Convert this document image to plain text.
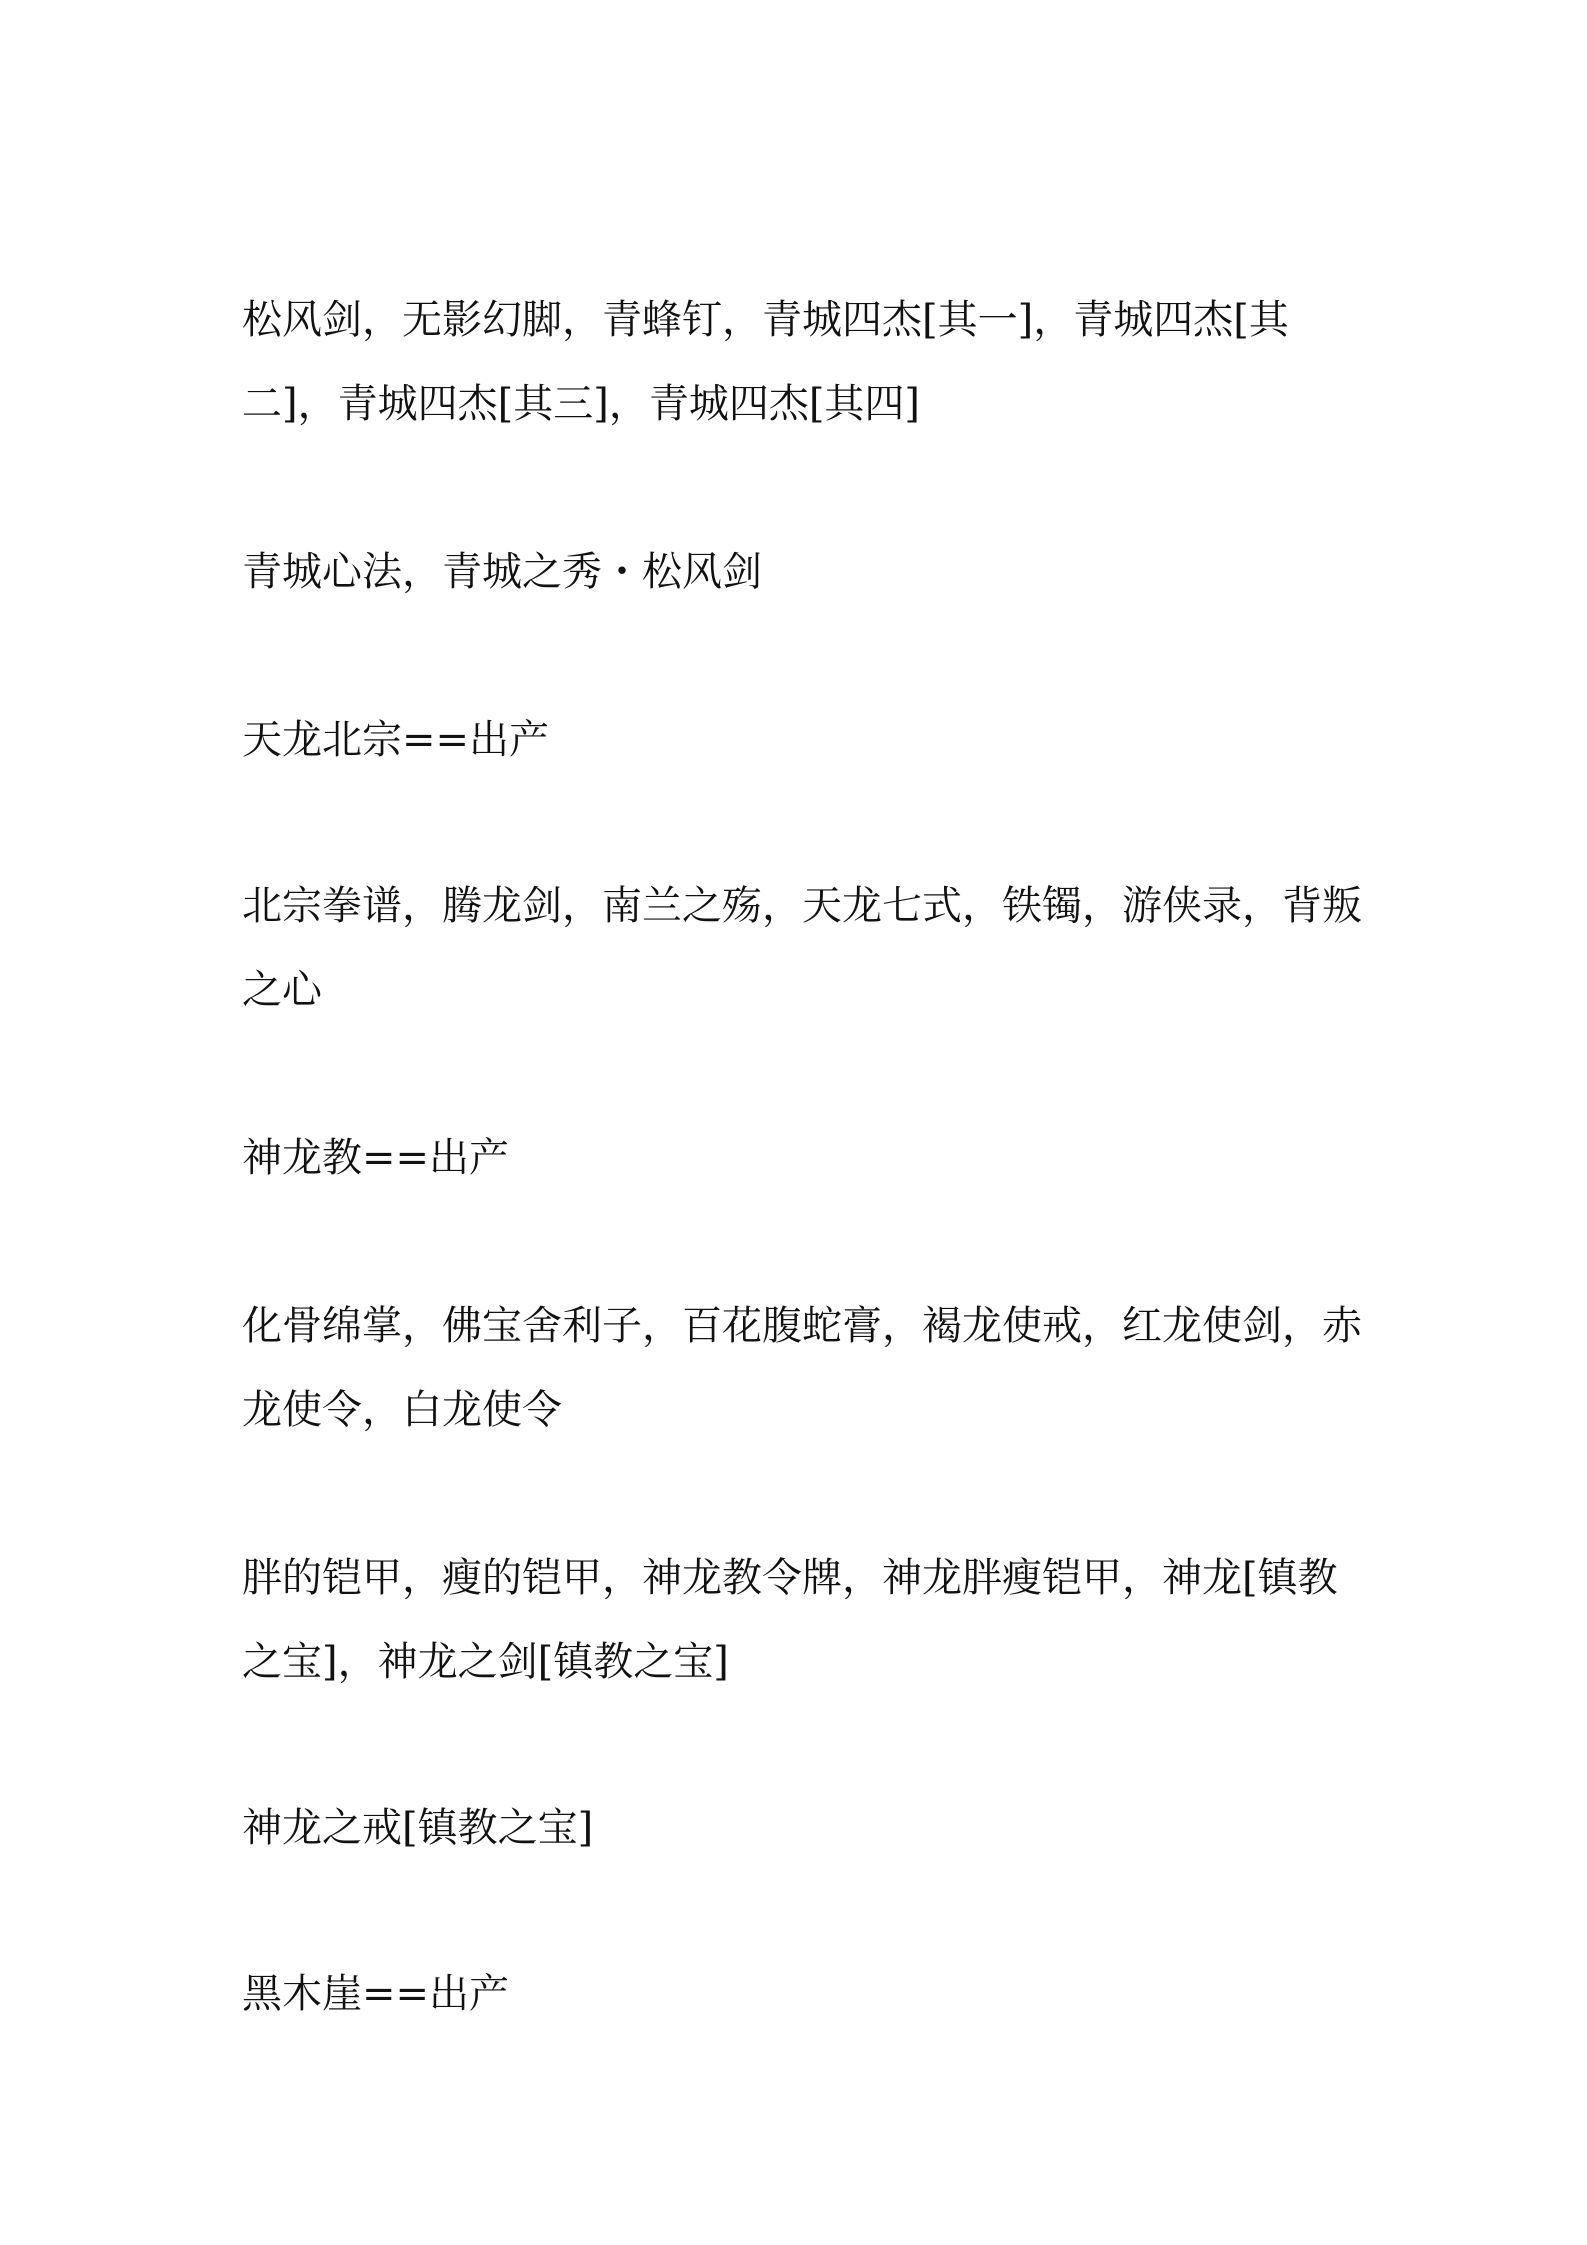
松风剑，无影幻脚，青蜂钉，青城四杰[其一]，青城四杰[其二]，青城四杰[其三]，青城四杰[其四]

青城心法，青城之秀・松风剑

天龙北宗==出产

北宗拳谱，腾龙剑，南兰之殇，天龙七式，铁镯，游侠录，背叛之心

神龙教==出产

化骨绵掌，佛宝舍利子，百花腹蛇膏，褐龙使戒，红龙使剑，赤龙使令，白龙使令

胖的铠甲，瘦的铠甲，神龙教令牌，神龙胖瘦铠甲，神龙[镇教之宝]，神龙之剑[镇教之宝]

神龙之戒[镇教之宝]

黑木崖==出产
